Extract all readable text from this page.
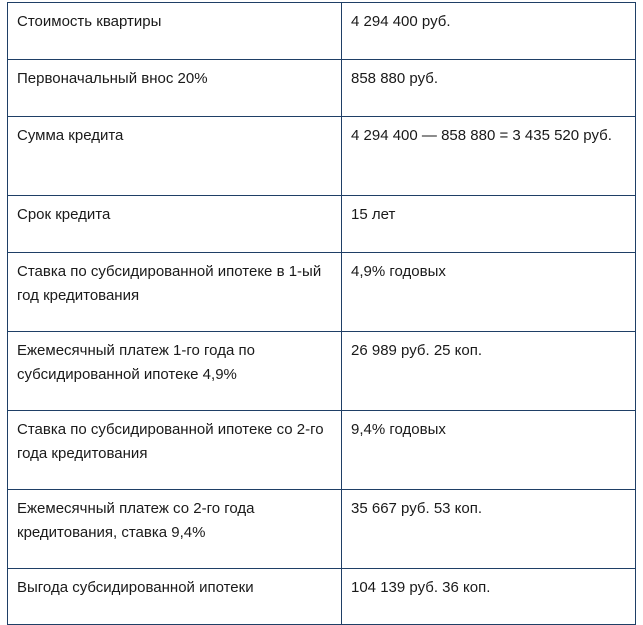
Стоимость квартиры	4 294 400 руб.
Первоначальный внос 20%	858 880 руб.
Сумма кредита	4 294 400 — 858 880 = 3 435 520 руб.
Срок кредита	15 лет
Ставка по субсидированной ипотеке в 1-ый год кредитования	4,9% годовых
Ежемесячный платеж 1-го года по субсидированной ипотеке 4,9%	26 989 руб. 25 коп.
Ставка по субсидированной ипотеке со 2-го года кредитования	9,4% годовых
Ежемесячный платеж со 2-го года кредитования, ставка 9,4%	35 667 руб. 53 коп.
Выгода субсидированной ипотеки	104 139 руб. 36 коп.
